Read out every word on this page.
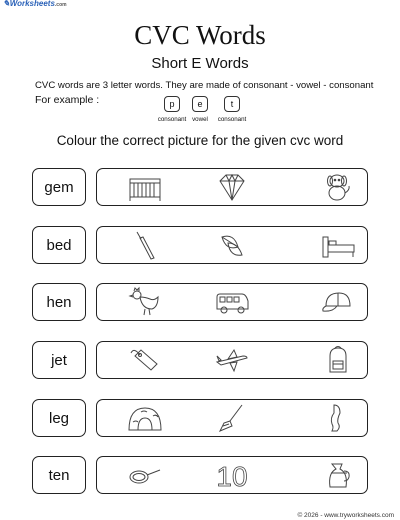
✎Worksheets.com
CVC Words
Short E Words
CVC words are 3 letter words. They are made of consonant - vowel - consonant
For example :	p
consonant
e
vowel
t
consonant
Colour the correct picture for the given cvc word
gem
bed
hen
jet
leg
ten	10
© 2026 - www.tryworksheets.com
